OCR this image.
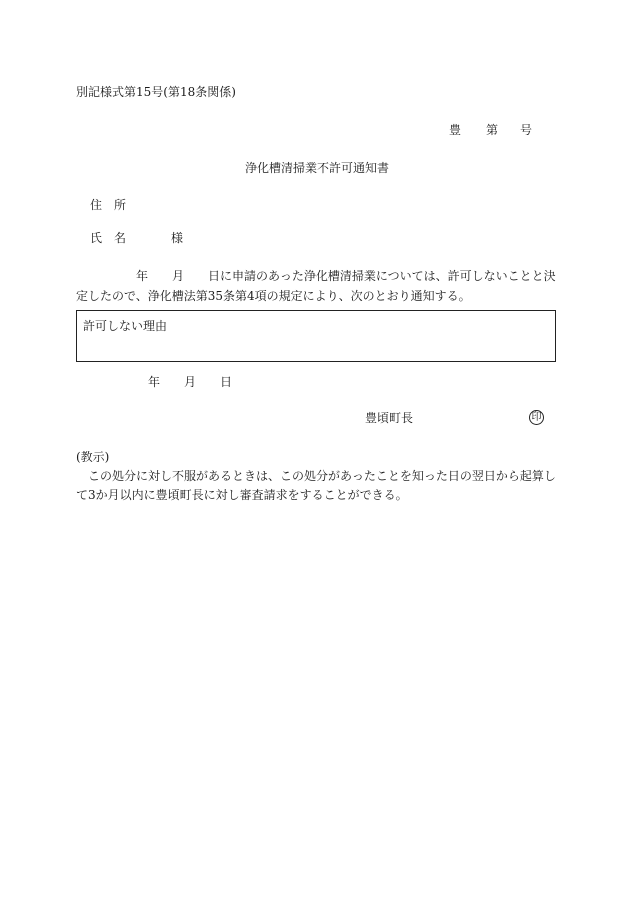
別記様式第15号(第18条関係)
豊 第 号
浄化槽清掃業不許可通知書
住　所
氏　名	様
年 月 日に申請のあった浄化槽清掃業については、許可しないことと決
定したので、浄化槽法第35条第4項の規定により、次のとおり通知する。
許可しない理由
年 月 日
豊頃町長	印
(教示)
この処分に対し不服があるときは、この処分があったことを知った日の翌日から起算し
て3か月以内に豊頃町長に対し審査請求をすることができる。
